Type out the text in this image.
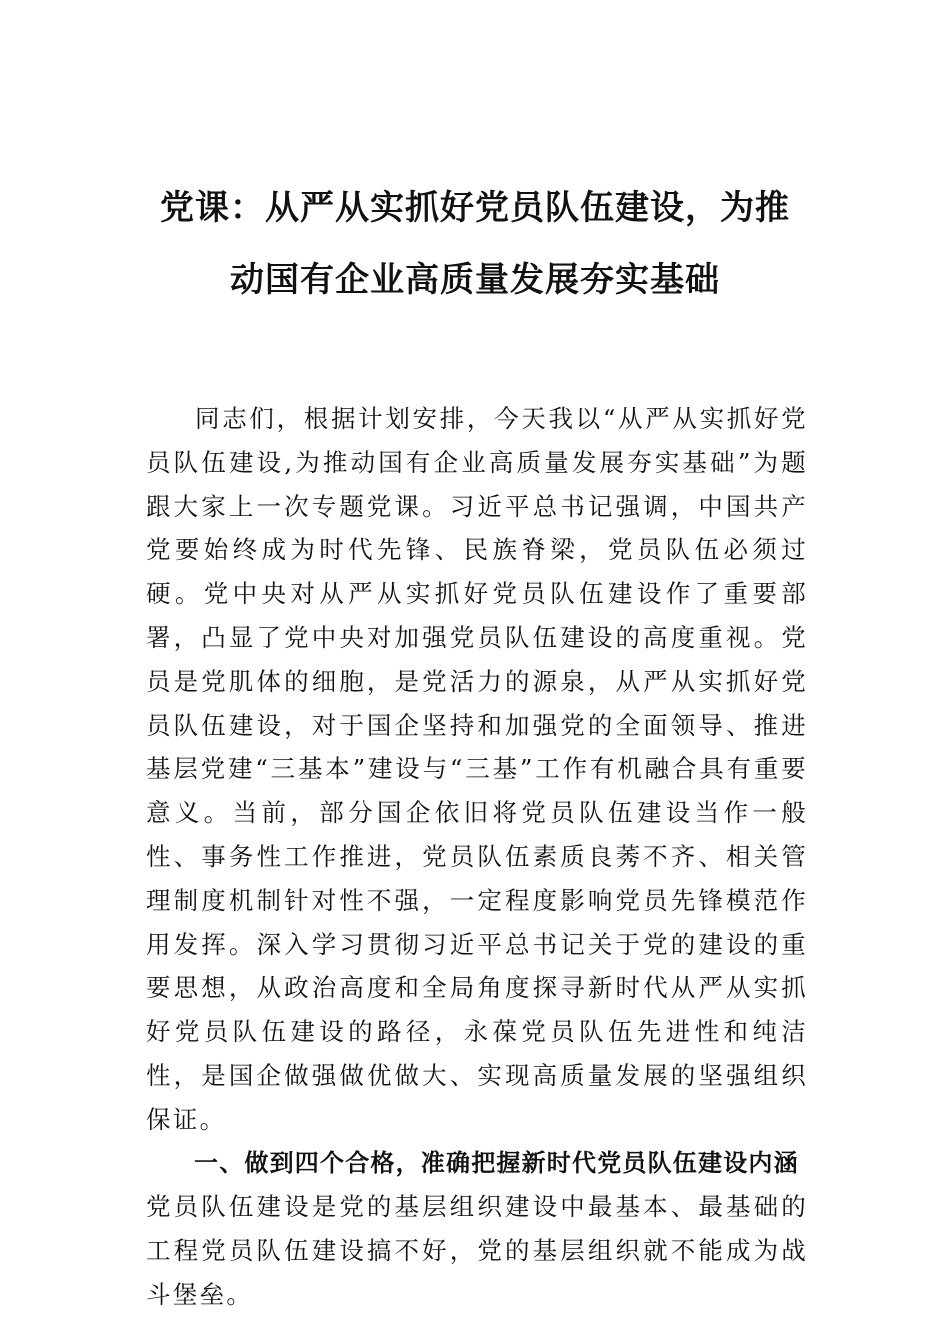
党课：从严从实抓好党员队伍建设，为推
动国有企业高质量发展夯实基础

同志们，根据计划安排，今天我以“从严从实抓好党员队伍建设,为推动国有企业高质量发展夯实基础”为题跟大家上一次专题党课。习近平总书记强调，中国共产党要始终成为时代先锋、民族脊梁，党员队伍必须过硬。党中央对从严从实抓好党员队伍建设作了重要部署，凸显了党中央对加强党员队伍建设的高度重视。党员是党肌体的细胞，是党活力的源泉，从严从实抓好党员队伍建设，对于国企坚持和加强党的全面领导、推进基层党建“三基本”建设与“三基”工作有机融合具有重要意义。当前，部分国企依旧将党员队伍建设当作一般性、事务性工作推进，党员队伍素质良莠不齐、相关管理制度机制针对性不强，一定程度影响党员先锋模范作用发挥。深入学习贯彻习近平总书记关于党的建设的重要思想，从政治高度和全局角度探寻新时代从严从实抓好党员队伍建设的路径，永葆党员队伍先进性和纯洁性，是国企做强做优做大、实现高质量发展的坚强组织保证。

一、做到四个合格，准确把握新时代党员队伍建设内涵

党员队伍建设是党的基层组织建设中最基本、最基础的工程党员队伍建设搞不好，党的基层组织就不能成为战斗堡垒。
